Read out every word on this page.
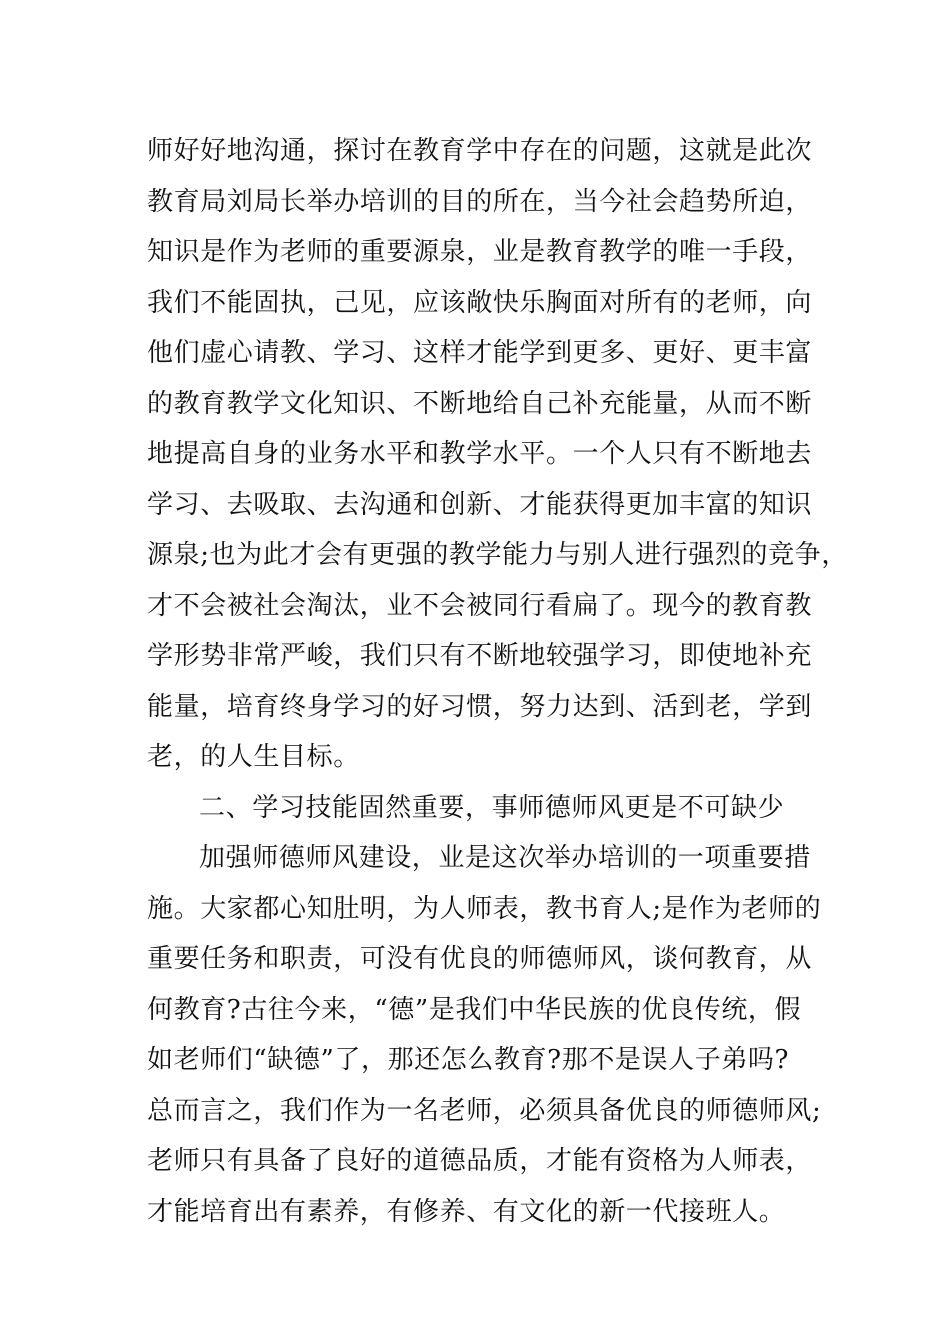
师好好地沟通，探讨在教育学中存在的问题，这就是此次
教育局刘局长举办培训的目的所在，当今社会趋势所迫，
知识是作为老师的重要源泉，业是教育教学的唯一手段，
我们不能固执，己见，应该敞快乐胸面对所有的老师，向
他们虚心请教、学习、这样才能学到更多、更好、更丰富
的教育教学文化知识、不断地给自己补充能量，从而不断
地提高自身的业务水平和教学水平。一个人只有不断地去
学习、去吸取、去沟通和创新、才能获得更加丰富的知识
源泉;也为此才会有更强的教学能力与别人进行强烈的竞争，
才不会被社会淘汰，业不会被同行看扁了。现今的教育教
学形势非常严峻，我们只有不断地较强学习，即使地补充
能量，培育终身学习的好习惯，努力达到、活到老，学到
老，的人生目标。
二、学习技能固然重要，事师德师风更是不可缺少
加强师德师风建设，业是这次举办培训的一项重要措
施。大家都心知肚明，为人师表，教书育人;是作为老师的
重要任务和职责，可没有优良的师德师风，谈何教育，从
何教育?古往今来，“德”是我们中华民族的优良传统，假
如老师们“缺德”了，那还怎么教育?那不是误人子弟吗?
总而言之，我们作为一名老师，必须具备优良的师德师风;
老师只有具备了良好的道德品质，才能有资格为人师表，
才能培育出有素养，有修养、有文化的新一代接班人。
